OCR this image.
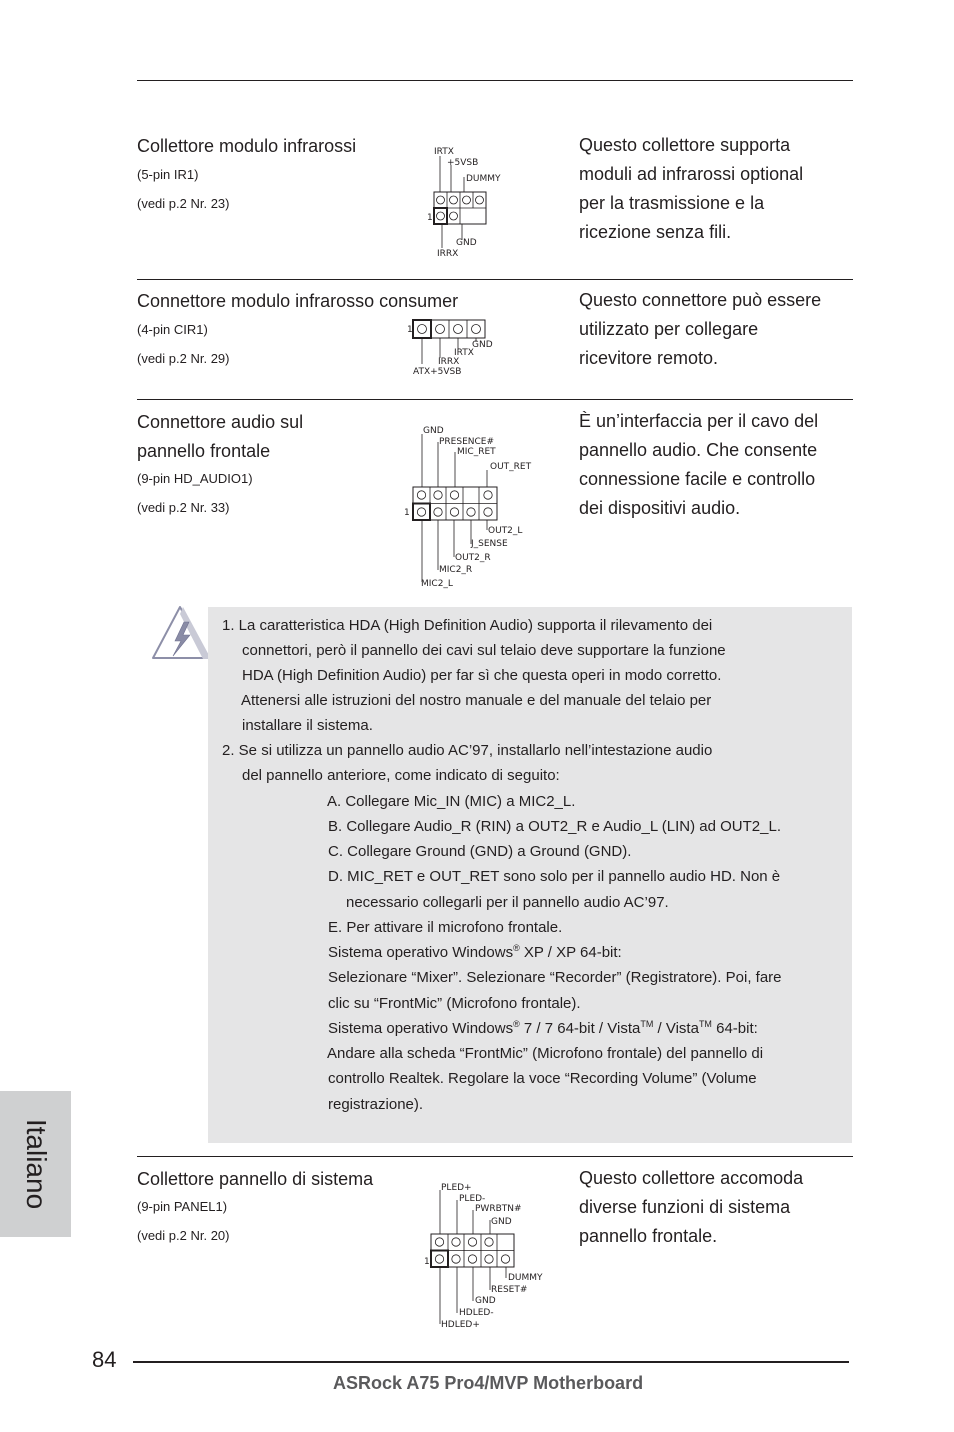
Collettore modulo infrarossi
(5-pin IR1)
(vedi p.2 Nr. 23)
IRTX
+5VSB
DUMMY
1
GND
IRRX
Questo collettore supporta
moduli ad infrarossi optional
per la trasmissione e la
ricezione senza fili.
Connettore modulo infrarosso consumer
(4-pin CIR1)
(vedi p.2 Nr. 29)
1
GND
IRTX
IRRX
ATX+5VSB
Questo connettore può essere
utilizzato per collegare
ricevitore remoto.
Connettore audio sul
pannello frontale
(9-pin HD_AUDIO1)
(vedi p.2 Nr. 33)
GND
PRESENCE#
MIC_RET
OUT_RET
1
OUT2_L
J_SENSE
OUT2_R
MIC2_R
MIC2_L
È un’interfaccia per il cavo del
pannello audio. Che consente
connessione facile e controllo
dei dispositivi audio.
1. La caratteristica HDA (High Definition Audio) supporta il rilevamento dei
connettori, però il pannello dei cavi sul telaio deve supportare la funzione
HDA (High Definition Audio) per far sì che questa operi in modo corretto.
Attenersi alle istruzioni del nostro manuale e del manuale del telaio per
installare il sistema.
2. Se si utilizza un pannello audio AC’97, installarlo nell’intestazione audio
del pannello anteriore, come indicato di seguito:
A. Collegare Mic_IN (MIC) a MIC2_L.
B. Collegare Audio_R (RIN) a OUT2_R e Audio_L (LIN) ad OUT2_L.
C. Collegare Ground (GND) a Ground (GND).
D. MIC_RET e OUT_RET sono solo per il pannello audio HD. Non è
necessario collegarli per il pannello audio AC’97.
E. Per attivare il microfono frontale.
Sistema operativo Windows® XP / XP 64-bit:
Selezionare “Mixer”. Selezionare “Recorder” (Registratore). Poi, fare
clic su “FrontMic” (Microfono frontale).
Sistema operativo Windows® 7 / 7 64-bit / Vista™ / Vista™ 64-bit:
Andare alla scheda “FrontMic” (Microfono frontale) del pannello di
controllo Realtek. Regolare la voce “Recording Volume” (Volume
registrazione).
Collettore pannello di sistema
(9-pin PANEL1)
(vedi p.2 Nr. 20)
PLED+
PLED-
PWRBTN#
GND
1
DUMMY
RESET#
GND
HDLED-
HDLED+
Questo collettore accomoda
diverse funzioni di sistema
pannello frontale.
Italiano
84
ASRock A75 Pro4/MVP Motherboard
